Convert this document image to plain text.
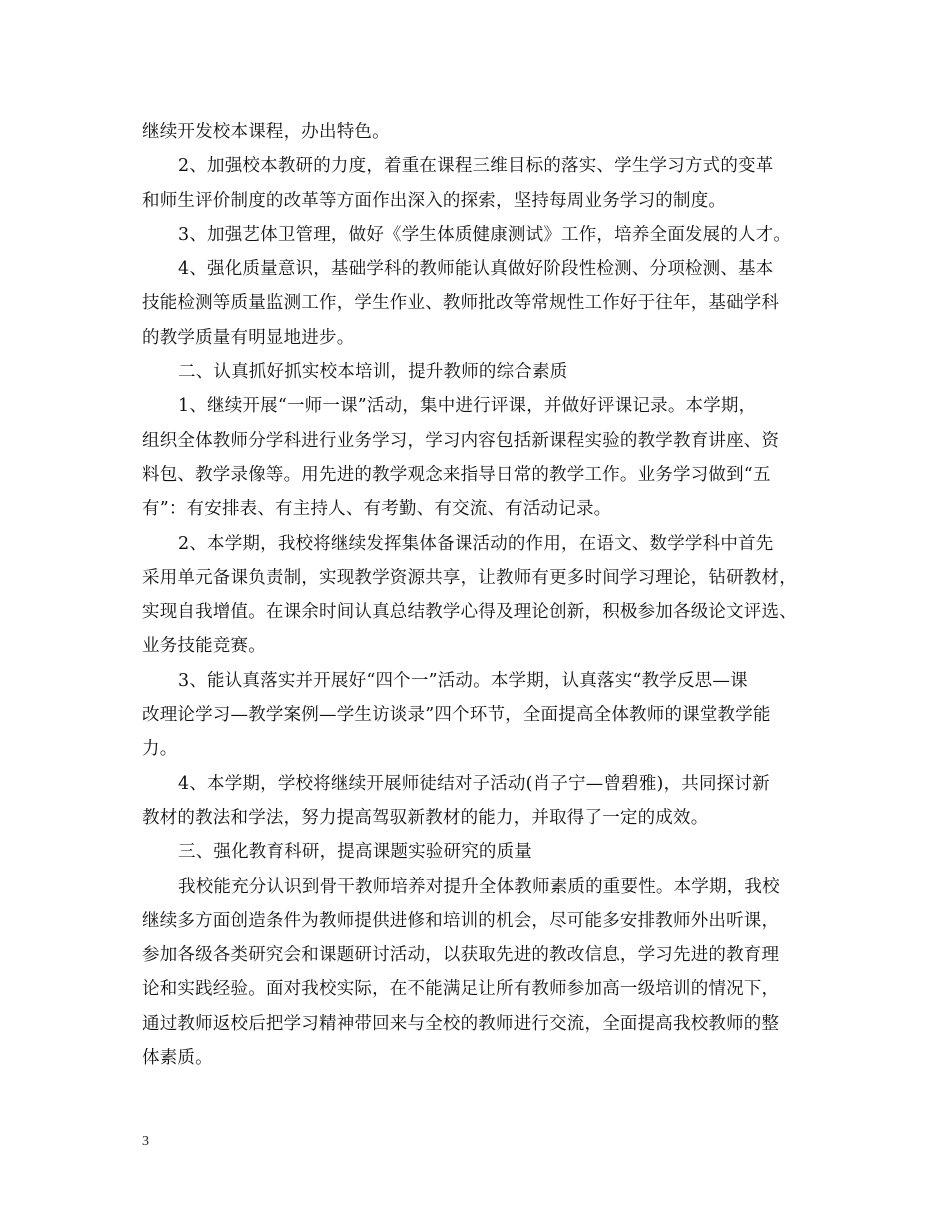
继续开发校本课程，办出特色。
2、加强校本教研的力度，着重在课程三维目标的落实、学生学习方式的变革
和师生评价制度的改革等方面作出深入的探索，坚持每周业务学习的制度。
3、加强艺体卫管理，做好《学生体质健康测试》工作，培养全面发展的人才。
4、强化质量意识，基础学科的教师能认真做好阶段性检测、分项检测、基本
技能检测等质量监测工作，学生作业、教师批改等常规性工作好于往年，基础学科
的教学质量有明显地进步。
二、认真抓好抓实校本培训，提升教师的综合素质
1、继续开展“一师一课”活动，集中进行评课，并做好评课记录。本学期，
组织全体教师分学科进行业务学习，学习内容包括新课程实验的教学教育讲座、资
料包、教学录像等。用先进的教学观念来指导日常的教学工作。业务学习做到“五
有”：有安排表、有主持人、有考勤、有交流、有活动记录。
2、本学期，我校将继续发挥集体备课活动的作用，在语文、数学学科中首先
采用单元备课负责制，实现教学资源共享，让教师有更多时间学习理论，钻研教材，
实现自我增值。在课余时间认真总结教学心得及理论创新，积极参加各级论文评选、
业务技能竞赛。
3、能认真落实并开展好“四个一”活动。本学期，认真落实“教学反思—课
改理论学习—教学案例—学生访谈录”四个环节，全面提高全体教师的课堂教学能
力。
4、本学期，学校将继续开展师徒结对子活动(肖子宁—曾碧雅)，共同探讨新
教材的教法和学法，努力提高驾驭新教材的能力，并取得了一定的成效。
三、强化教育科研，提高课题实验研究的质量
我校能充分认识到骨干教师培养对提升全体教师素质的重要性。本学期，我校
继续多方面创造条件为教师提供进修和培训的机会，尽可能多安排教师外出听课，
参加各级各类研究会和课题研讨活动，以获取先进的教改信息，学习先进的教育理
论和实践经验。面对我校实际，在不能满足让所有教师参加高一级培训的情况下，
通过教师返校后把学习精神带回来与全校的教师进行交流，全面提高我校教师的整
体素质。
3
